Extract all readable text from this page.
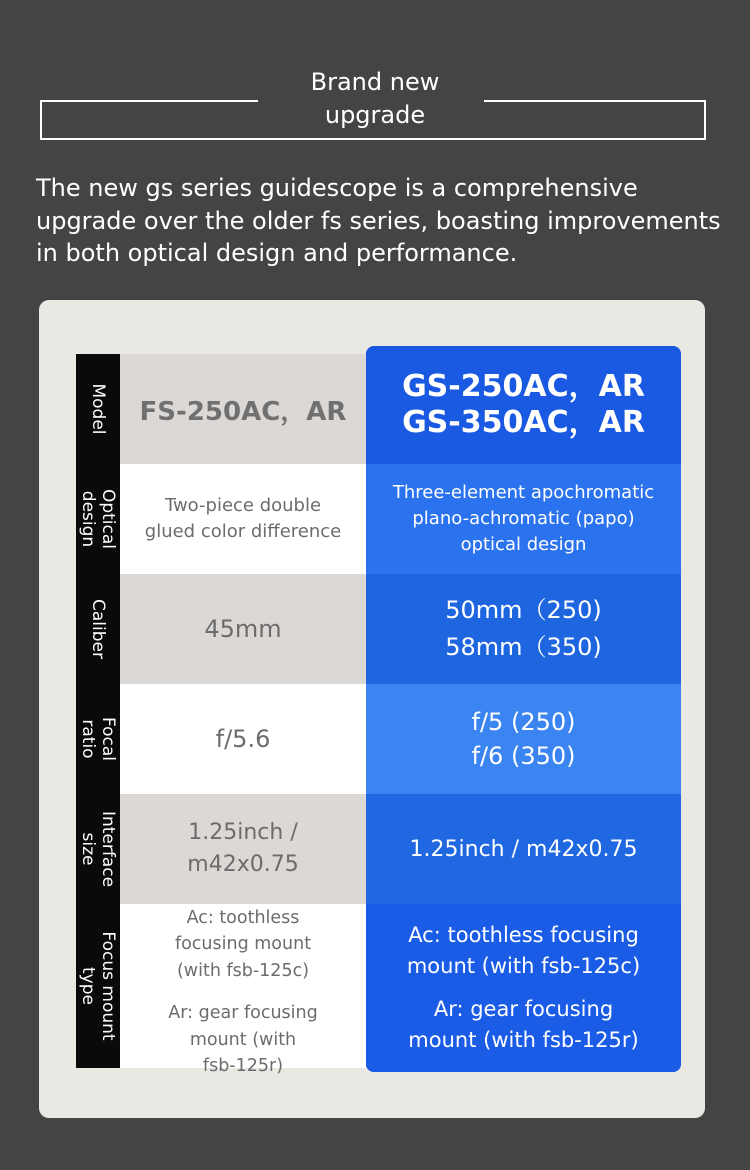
Brand new
upgrade

The new gs series guidescope is a comprehensive upgrade over the older fs series, boasting improvements in both optical design and performance.

Model
Optical
design
Caliber
Focal
ratio
Interface
size
Focus mount
type
FS-250AC，AR
Two-piece double
glued color difference
45mm
f/5.6
1.25inch /
m42x0.75
Ac: toothless
focusing mount
(with fsb-125c)
Ar: gear focusing
mount (with
fsb-125r)
GS-250AC，AR
GS-350AC，AR
Three-element apochromatic
plano-achromatic (papo)
optical design
50mm（250)
58mm（350)
f/5 (250)
f/6 (350)
1.25inch / m42x0.75
Ac: toothless focusing
mount (with fsb-125c)
Ar: gear focusing
mount (with fsb-125r)
